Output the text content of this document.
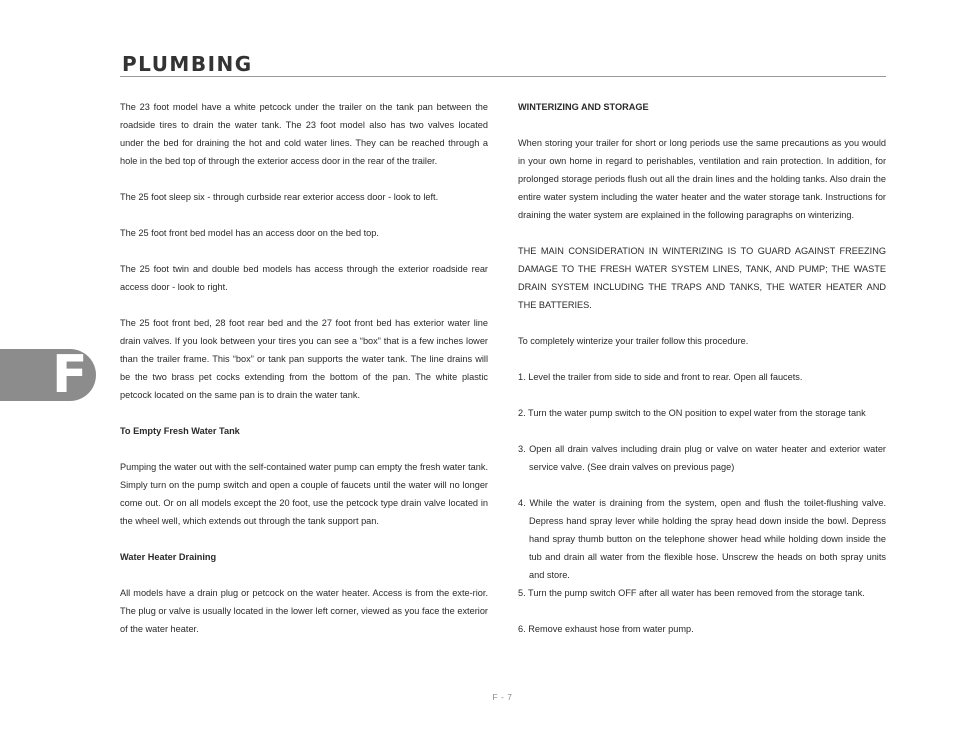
PLUMBING
F

The 23 foot model have a white petcock under the trailer on the tank pan between the roadside tires to drain the water tank. The 23 foot model also has two valves located under the bed for draining the hot and cold water lines. They can be reached through a hole in the bed top of through the exterior access door in the rear of the trailer.

The 25 foot sleep six - through curbside rear exterior access door - look to left.

The 25 foot front bed model has an access door on the bed top.

The 25 foot twin and double bed models has access through the exterior roadside rear access door - look to right.

The 25 foot front bed, 28 foot rear bed and the 27 foot front bed has exterior water line drain valves. If you look between your tires you can see a “box” that is a few inches lower than the trailer frame. This “box” or tank pan supports the water tank. The line drains will be the two brass pet cocks extending from the bottom of the pan. The white plastic petcock located on the same pan is to drain the water tank.

To Empty Fresh Water Tank

Pumping the water out with the self-contained water pump can empty the fresh water tank. Simply turn on the pump switch and open a couple of faucets until the water will no longer come out. Or on all models except the 20 foot, use the petcock type drain valve located in the wheel well, which extends out through the tank support pan.

Water Heater Draining

All models have a drain plug or petcock on the water heater. Access is from the exte-rior. The plug or valve is usually located in the lower left corner, viewed as you face the exterior of the water heater.

WINTERIZING AND STORAGE

When storing your trailer for short or long periods use the same precautions as you would in your own home in regard to perishables, ventilation and rain protection. In addition, for prolonged storage periods flush out all the drain lines and the holding tanks. Also drain the entire water system including the water heater and the water storage tank. Instructions for draining the water system are explained in the following paragraphs on winterizing.

THE MAIN CONSIDERATION IN WINTERIZING IS TO GUARD AGAINST FREEZING DAMAGE TO THE FRESH WATER SYSTEM LINES, TANK, AND PUMP; THE WASTE DRAIN SYSTEM INCLUDING THE TRAPS AND TANKS, THE WATER HEATER AND THE BATTERIES.

To completely winterize your trailer follow this procedure.

1. Level the trailer from side to side and front to rear. Open all faucets.
2. Turn the water pump switch to the ON position to expel water from the storage tank
3. Open all drain valves including drain plug or valve on water heater and exterior water service valve. (See drain valves on previous page)
4. While the water is draining from the system, open and flush the toilet-flushing valve. Depress hand spray lever while holding the spray head down inside the bowl. Depress hand spray thumb button on the telephone shower head while holding down inside the tub and drain all water from the flexible hose. Unscrew the heads on both spray units and store.
5. Turn the pump switch OFF after all water has been removed from the storage tank.
6. Remove exhaust hose from water pump.
F - 7
